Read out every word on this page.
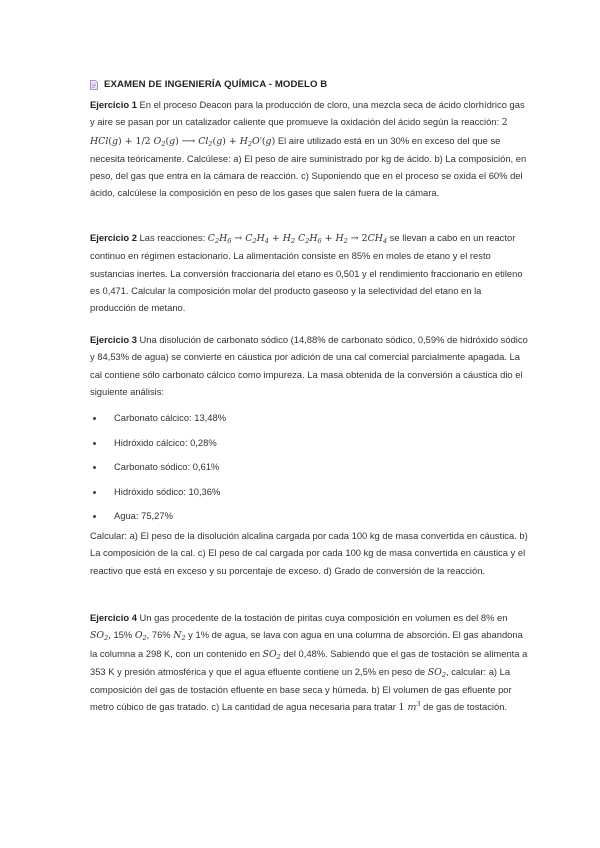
EXAMEN DE INGENIERÍA QUÍMICA - MODELO B
Ejercicio 1 En el proceso Deacon para la producción de cloro, una mezcla seca de ácido clorhídrico gas y aire se pasan por un catalizador caliente que promueve la oxidación del ácido según la reacción: 2 HCl(g) + 1/2 $O_2(g)$ ⟶ $Cl_2(g) + H_2O'(g)$ El aire utilizado está en un 30% en exceso del que se necesita teóricamente. Calcúlese: a) El peso de aire suministrado por kg de ácido. b) La composición, en peso, del gas que entra en la cámara de reacción. c) Suponiendo que en el proceso se oxida el 60% del ácido, calcúlese la composición en peso de los gases que salen fuera de la cámara.
Ejercicio 2 Las reacciones: $C_2H_6 \to C_2H_4 + H_2$ $C_2H_6 + H_2 \to 2CH_4$ se llevan a cabo en un reactor continuo en régimen estacionario. La alimentación consiste en 85% en moles de etano y el resto sustancias inertes. La conversión fraccionaria del etano es 0,501 y el rendimiento fraccionario en etileno es 0,471. Calcular la composición molar del producto gaseoso y la selectividad del etano en la producción de metano.
Ejercicio 3 Una disolución de carbonato sódico (14,88% de carbonato sódico, 0,59% de hidróxido sódico y 84,53% de agua) se convierte en cáustica por adición de una cal comercial parcialmente apagada. La cal contiene sólo carbonato cálcico como impureza. La masa obtenida de la conversión a cáustica dio el siguiente análisis:
Carbonato cálcico: 13,48%
Hidróxido cálcico: 0,28%
Carbonato sódico: 0,61%
Hidróxido sódico: 10,36%
Agua: 75,27%
Calcular: a) El peso de la disolución alcalina cargada por cada 100 kg de masa convertida en cáustica. b) La composición de la cal. c) El peso de cal cargada por cada 100 kg de masa convertida en cáustica y el reactivo que está en exceso y su porcentaje de exceso. d) Grado de conversión de la reacción.
Ejercicio 4 Un gas procedente de la tostación de piritas cuya composición en volumen es del 8% en $SO_2$, 15% $O_2$, 76% $N_2$ y 1% de agua, se lava con agua en una columna de absorción. El gas abandona la columna a 298 K, con un contenido en $SO_2$ del 0,48%. Sabiendo que el gas de tostación se alimenta a 353 K y presión atmosférica y que el agua efluente contiene un 2,5% en peso de $SO_2$, calcular: a) La composición del gas de tostación efluente en base seca y húmeda. b) El volumen de gas efluente por metro cúbico de gas tratado. c) La cantidad de agua necesaria para tratar 1 $m^3$ de gas de tostación.
